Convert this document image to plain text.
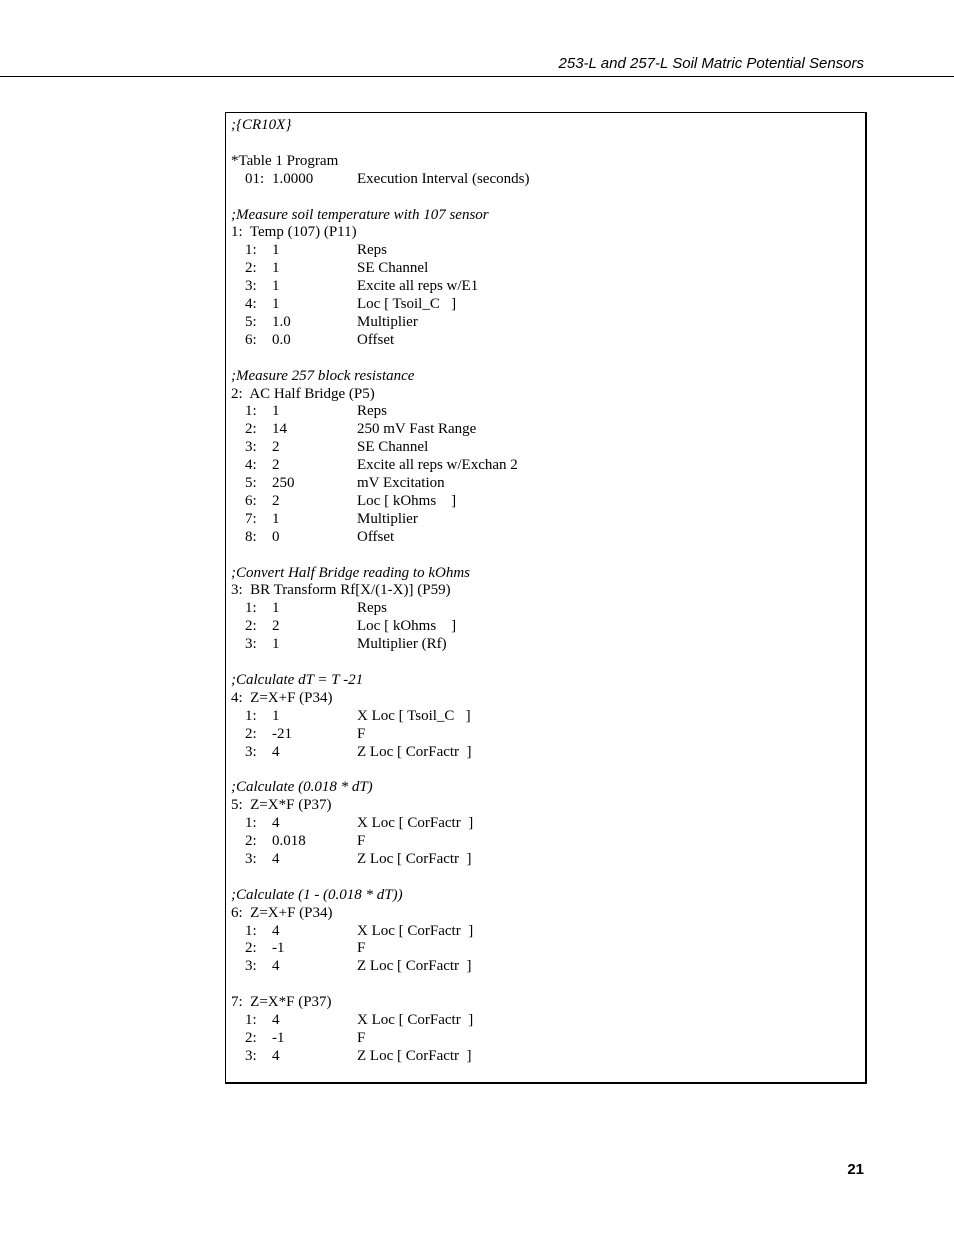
253-L and 257-L Soil Matric Potential Sensors
;{CR10X}
*Table 1 Program
01: 1.0000	Execution Interval (seconds)
;Measure soil temperature with 107 sensor
1:  Temp (107) (P11)
1: 1	Reps
2: 1	SE Channel
3: 1	Excite all reps w/E1
4: 1	Loc [ Tsoil_C   ]
5: 1.0	Multiplier
6: 0.0	Offset
;Measure 257 block resistance
2:  AC Half Bridge (P5)
1: 1	Reps
2: 14	250 mV Fast Range
3: 2	SE Channel
4: 2	Excite all reps w/Exchan 2
5: 250	mV Excitation
6: 2	Loc [ kOhms    ]
7: 1	Multiplier
8: 0	Offset
;Convert Half Bridge reading to kOhms
3:  BR Transform Rf[X/(1-X)] (P59)
1: 1	Reps
2: 2	Loc [ kOhms    ]
3: 1	Multiplier (Rf)
;Calculate dT = T -21
4:  Z=X+F (P34)
1: 1	X Loc [ Tsoil_C   ]
2: -21	F
3: 4	Z Loc [ CorFactr  ]
;Calculate (0.018 * dT)
5:  Z=X*F (P37)
1: 4	X Loc [ CorFactr  ]
2: 0.018	F
3: 4	Z Loc [ CorFactr  ]
;Calculate (1 - (0.018 * dT))
6:  Z=X+F (P34)
1: 4	X Loc [ CorFactr  ]
2: -1	F
3: 4	Z Loc [ CorFactr  ]
7:  Z=X*F (P37)
1: 4	X Loc [ CorFactr  ]
2: -1	F
3: 4	Z Loc [ CorFactr  ]
21
